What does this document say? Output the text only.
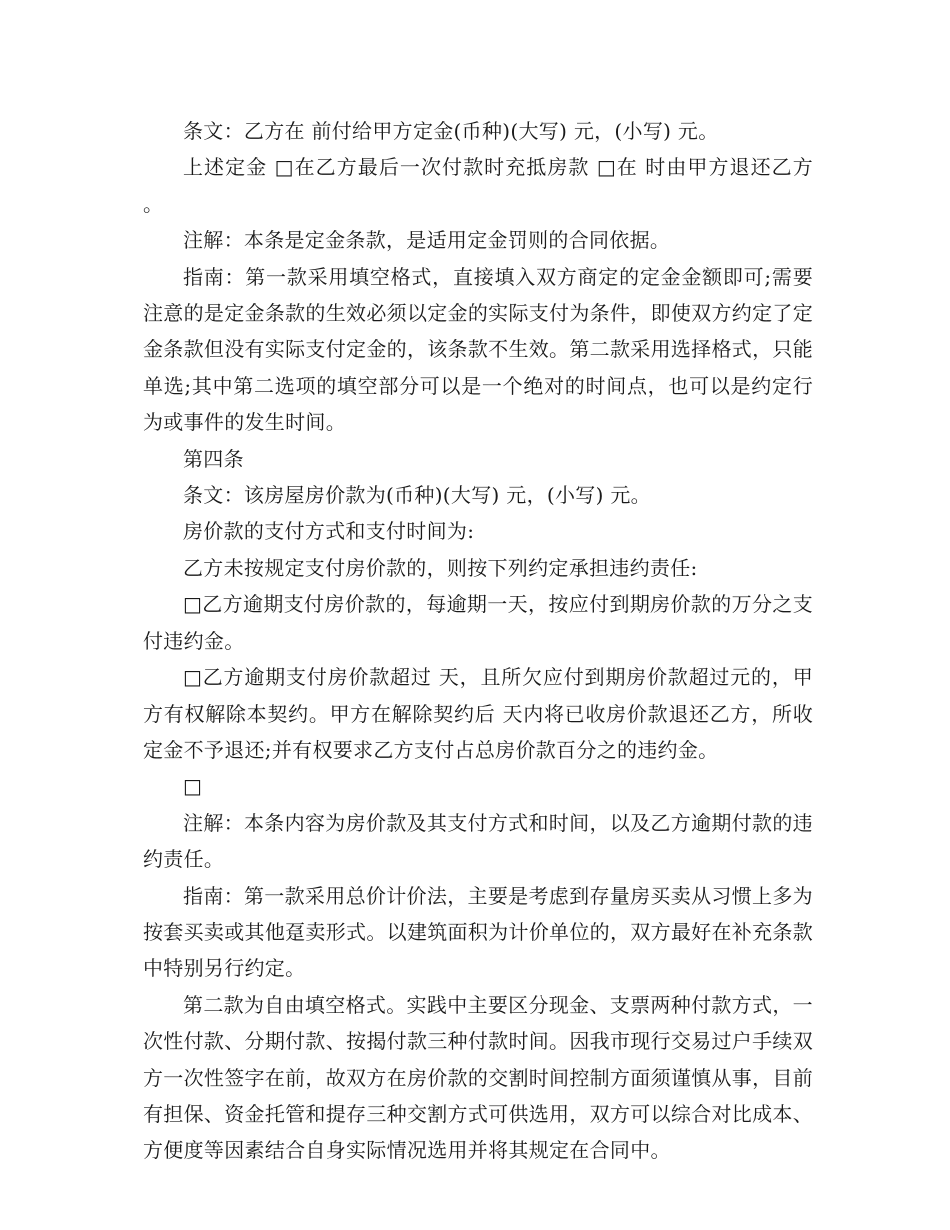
条文：乙方在 前付给甲方定金(币种)(大写) 元，(小写) 元。

上述定金 □在乙方最后一次付款时充抵房款 □在 时由甲方退还乙方 。

注解：本条是定金条款，是适用定金罚则的合同依据。

指南：第一款采用填空格式，直接填入双方商定的定金金额即可;需要注意的是定金条款的生效必须以定金的实际支付为条件，即使双方约定了定金条款但没有实际支付定金的，该条款不生效。第二款采用选择格式，只能单选;其中第二选项的填空部分可以是一个绝对的时间点，也可以是约定行为或事件的发生时间。

第四条

条文：该房屋房价款为(币种)(大写) 元，(小写) 元。

房价款的支付方式和支付时间为:

乙方未按规定支付房价款的，则按下列约定承担违约责任:

□乙方逾期支付房价款的，每逾期一天，按应付到期房价款的万分之支付违约金。

□乙方逾期支付房价款超过 天，且所欠应付到期房价款超过元的，甲方有权解除本契约。甲方在解除契约后 天内将已收房价款退还乙方，所收定金不予退还;并有权要求乙方支付占总房价款百分之的违约金。

□

注解：本条内容为房价款及其支付方式和时间，以及乙方逾期付款的违约责任。

指南：第一款采用总价计价法，主要是考虑到存量房买卖从习惯上多为按套买卖或其他趸卖形式。以建筑面积为计价单位的，双方最好在补充条款中特别另行约定。

第二款为自由填空格式。实践中主要区分现金、支票两种付款方式，一次性付款、分期付款、按揭付款三种付款时间。因我市现行交易过户手续双方一次性签字在前，故双方在房价款的交割时间控制方面须谨慎从事，目前有担保、资金托管和提存三种交割方式可供选用，双方可以综合对比成本、方便度等因素结合自身实际情况选用并将其规定在合同中。
